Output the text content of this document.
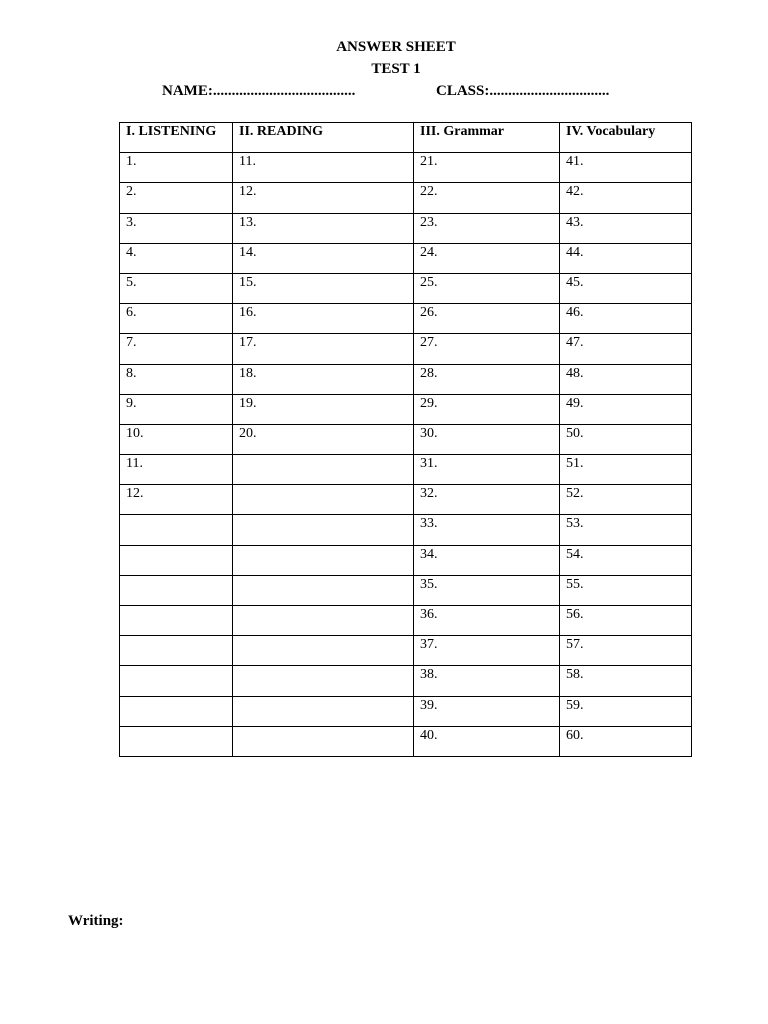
ANSWER SHEET
TEST 1
NAME:......................................	CLASS:................................
I. LISTENING	II. READING	III. Grammar	IV. Vocabulary
1.	11.	21.	41.
2.	12.	22.	42.
3.	13.	23.	43.
4.	14.	24.	44.
5.	15.	25.	45.
6.	16.	26.	46.
7.	17.	27.	47.
8.	18.	28.	48.
9.	19.	29.	49.
10.	20.	30.	50.
11.		31.	51.
12.		32.	52.
		33.	53.
		34.	54.
		35.	55.
		36.	56.
		37.	57.
		38.	58.
		39.	59.
		40.	60.
Writing:
